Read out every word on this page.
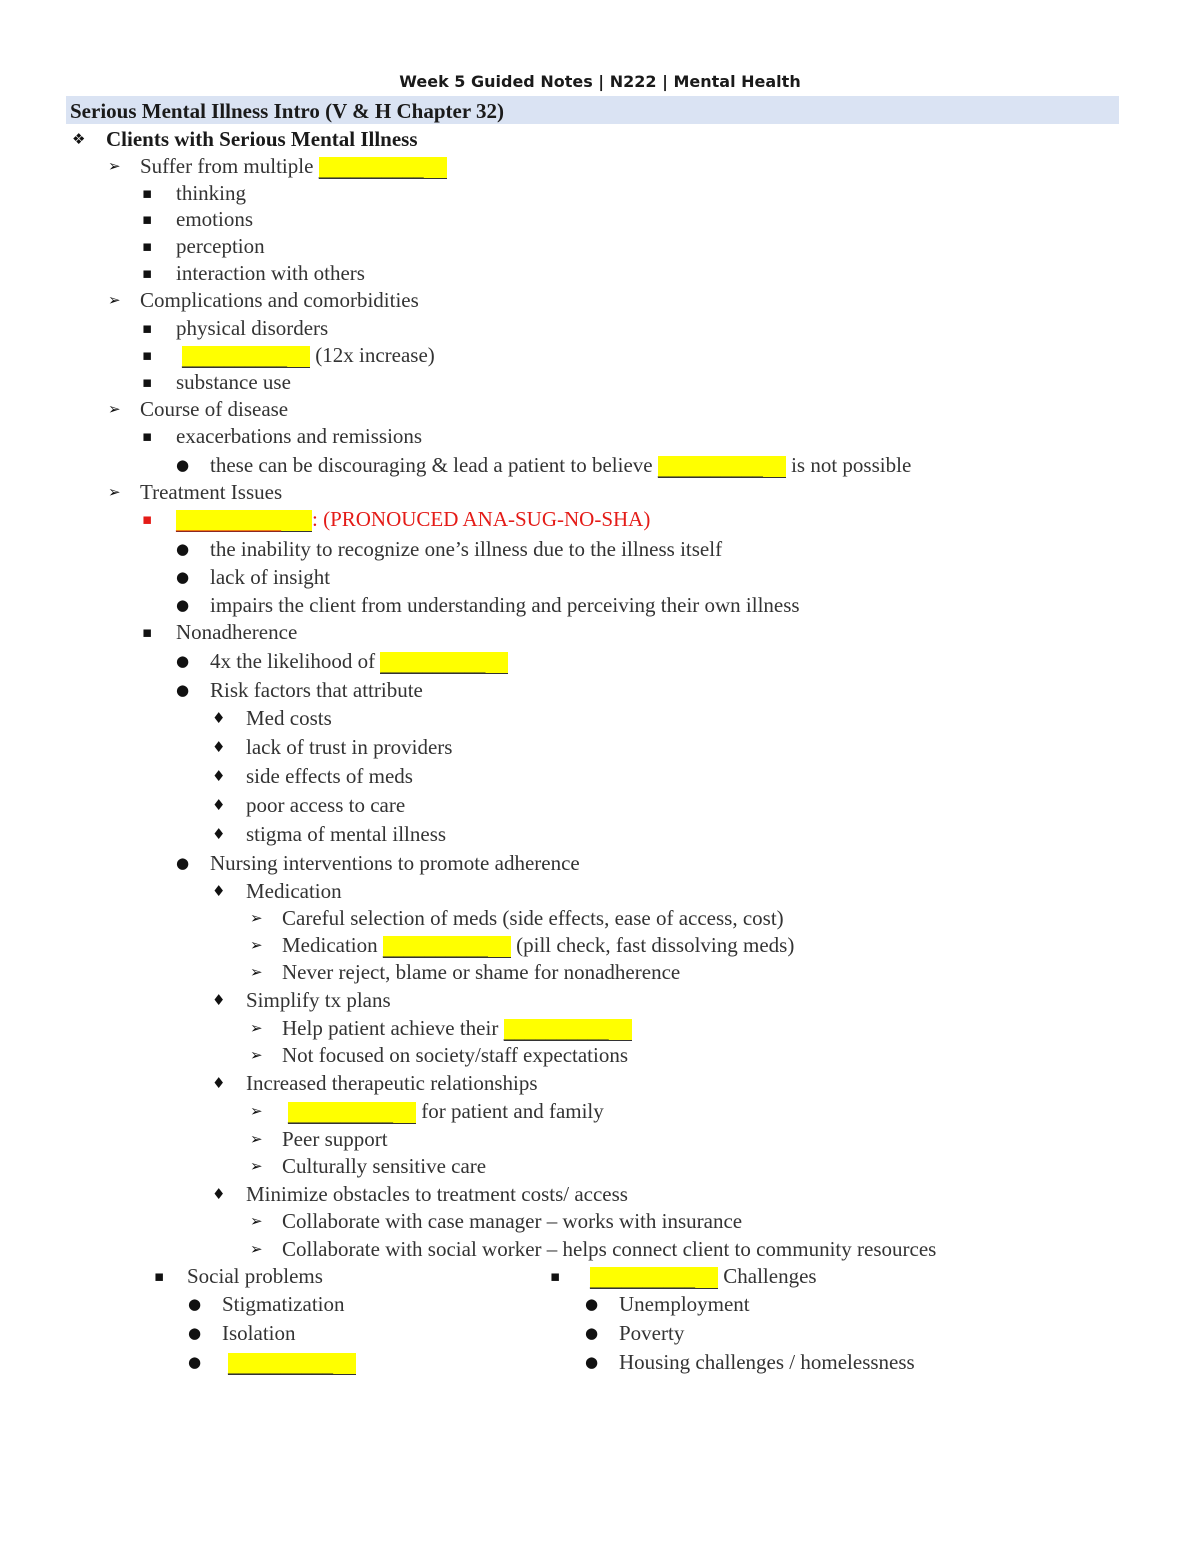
Week 5 Guided Notes | N222 | Mental Health
Serious Mental Illness Intro (V & H Chapter 32)
❖ Clients with Serious Mental Illness
➢ Suffer from multiple __________
▪ thinking
▪ emotions
▪ perception
▪ interaction with others
➢ Complications and comorbidities
▪ physical disorders
▪ __________ (12x increase)
▪ substance use
➢ Course of disease
▪ exacerbations and remissions
● these can be discouraging & lead a patient to believe __________ is not possible
➢ Treatment Issues
▪ __________ : (PRONOUCED ANA-SUG-NO-SHA)
● the inability to recognize one’s illness due to the illness itself
● lack of insight
● impairs the client from understanding and perceiving their own illness
▪ Nonadherence
● 4x the likelihood of __________
● Risk factors that attribute
♦ Med costs
♦ lack of trust in providers
♦ side effects of meds
♦ poor access to care
♦ stigma of mental illness
● Nursing interventions to promote adherence
♦ Medication
➢ Careful selection of meds (side effects, ease of access, cost)
➢ Medication __________ (pill check, fast dissolving meds)
➢ Never reject, blame or shame for nonadherence
♦ Simplify tx plans
➢ Help patient achieve their __________
➢ Not focused on society/staff expectations
♦ Increased therapeutic relationships
➢ __________ for patient and family
➢ Peer support
➢ Culturally sensitive care
♦ Minimize obstacles to treatment costs/ access
➢ Collaborate with case manager – works with insurance
➢ Collaborate with social worker – helps connect client to community resources
▪ Social problems
● Stigmatization
● Isolation
● __________
▪ __________ Challenges
● Unemployment
● Poverty
● Housing challenges / homelessness
